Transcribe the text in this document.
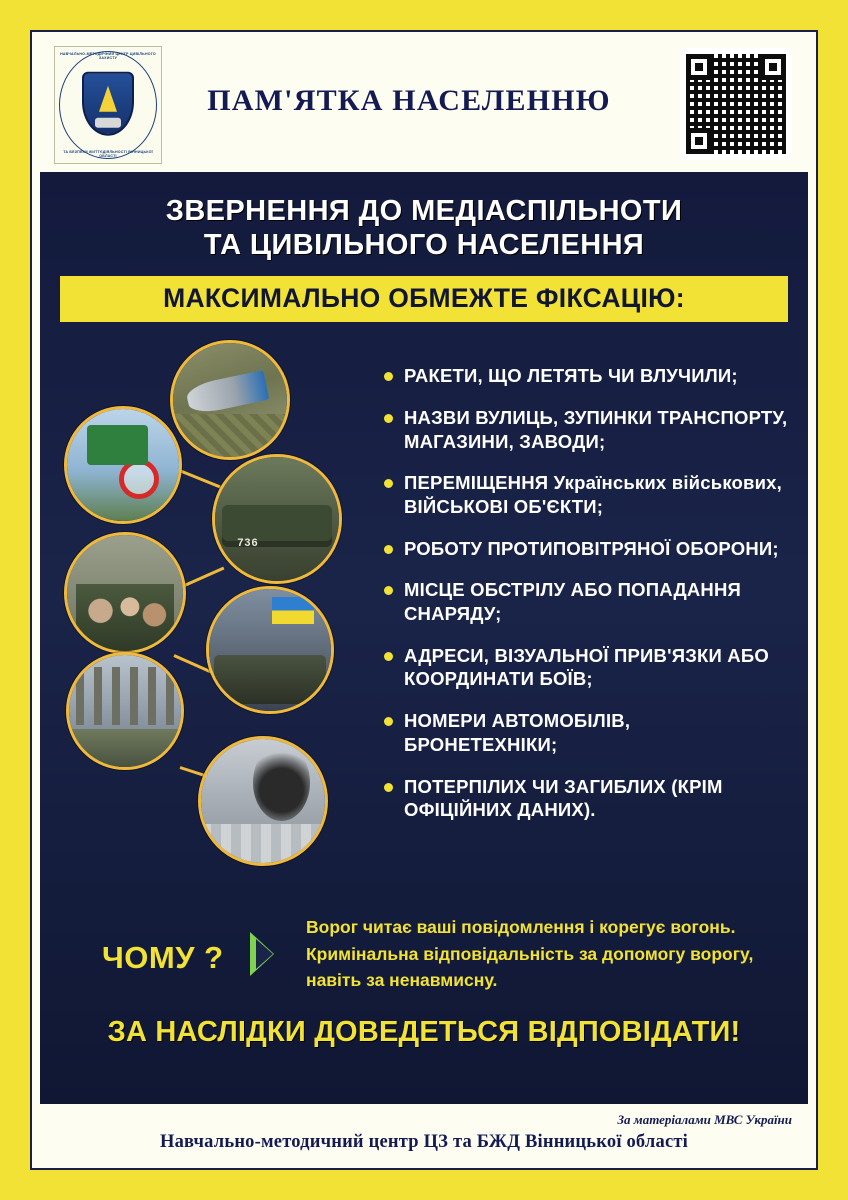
НАВЧАЛЬНО-МЕТОДИЧНИЙ ЦЕНТР ЦИВІЛЬНОГО ЗАХИСТУ
ТА БЕЗПЕКИ ЖИТТЄДІЯЛЬНОСТІ ВІННИЦЬКОЇ ОБЛАСТІ
ПАМ'ЯТКА НАСЕЛЕННЮ
ЗВЕРНЕННЯ ДО МЕДІАСПІЛЬНОТИ
ТА ЦИВІЛЬНОГО НАСЕЛЕННЯ
МАКСИМАЛЬНО ОБМЕЖТЕ ФІКСАЦІЮ:
736
РАКЕТИ, ЩО ЛЕТЯТЬ ЧИ ВЛУЧИЛИ;
НАЗВИ ВУЛИЦЬ, ЗУПИНКИ ТРАНСПОРТУ, МАГАЗИНИ, ЗАВОДИ;
ПЕРЕМІЩЕННЯ Українських військових, ВІЙСЬКОВІ ОБ'ЄКТИ;
РОБОТУ ПРОТИПОВІТРЯНОЇ ОБОРОНИ;
МІСЦЕ ОБСТРІЛУ АБО ПОПАДАННЯ СНАРЯДУ;
АДРЕСИ, ВІЗУАЛЬНОЇ ПРИВ'ЯЗКИ АБО КООРДИНАТИ БОЇВ;
НОМЕРИ АВТОМОБІЛІВ, БРОНЕТЕХНІКИ;
ПОТЕРПІЛИХ ЧИ ЗАГИБЛИХ (КРІМ ОФІЦІЙНИХ ДАНИХ).
ЧОМУ ?
Ворог читає ваші повідомлення і корегує вогонь.
Кримінальна відповідальність за допомогу ворогу,
навіть за ненавмисну.
ЗА НАСЛІДКИ ДОВЕДЕТЬСЯ ВІДПОВІДАТИ!
За матеріалами МВС України
Навчально-методичний центр ЦЗ та БЖД Вінницької області
